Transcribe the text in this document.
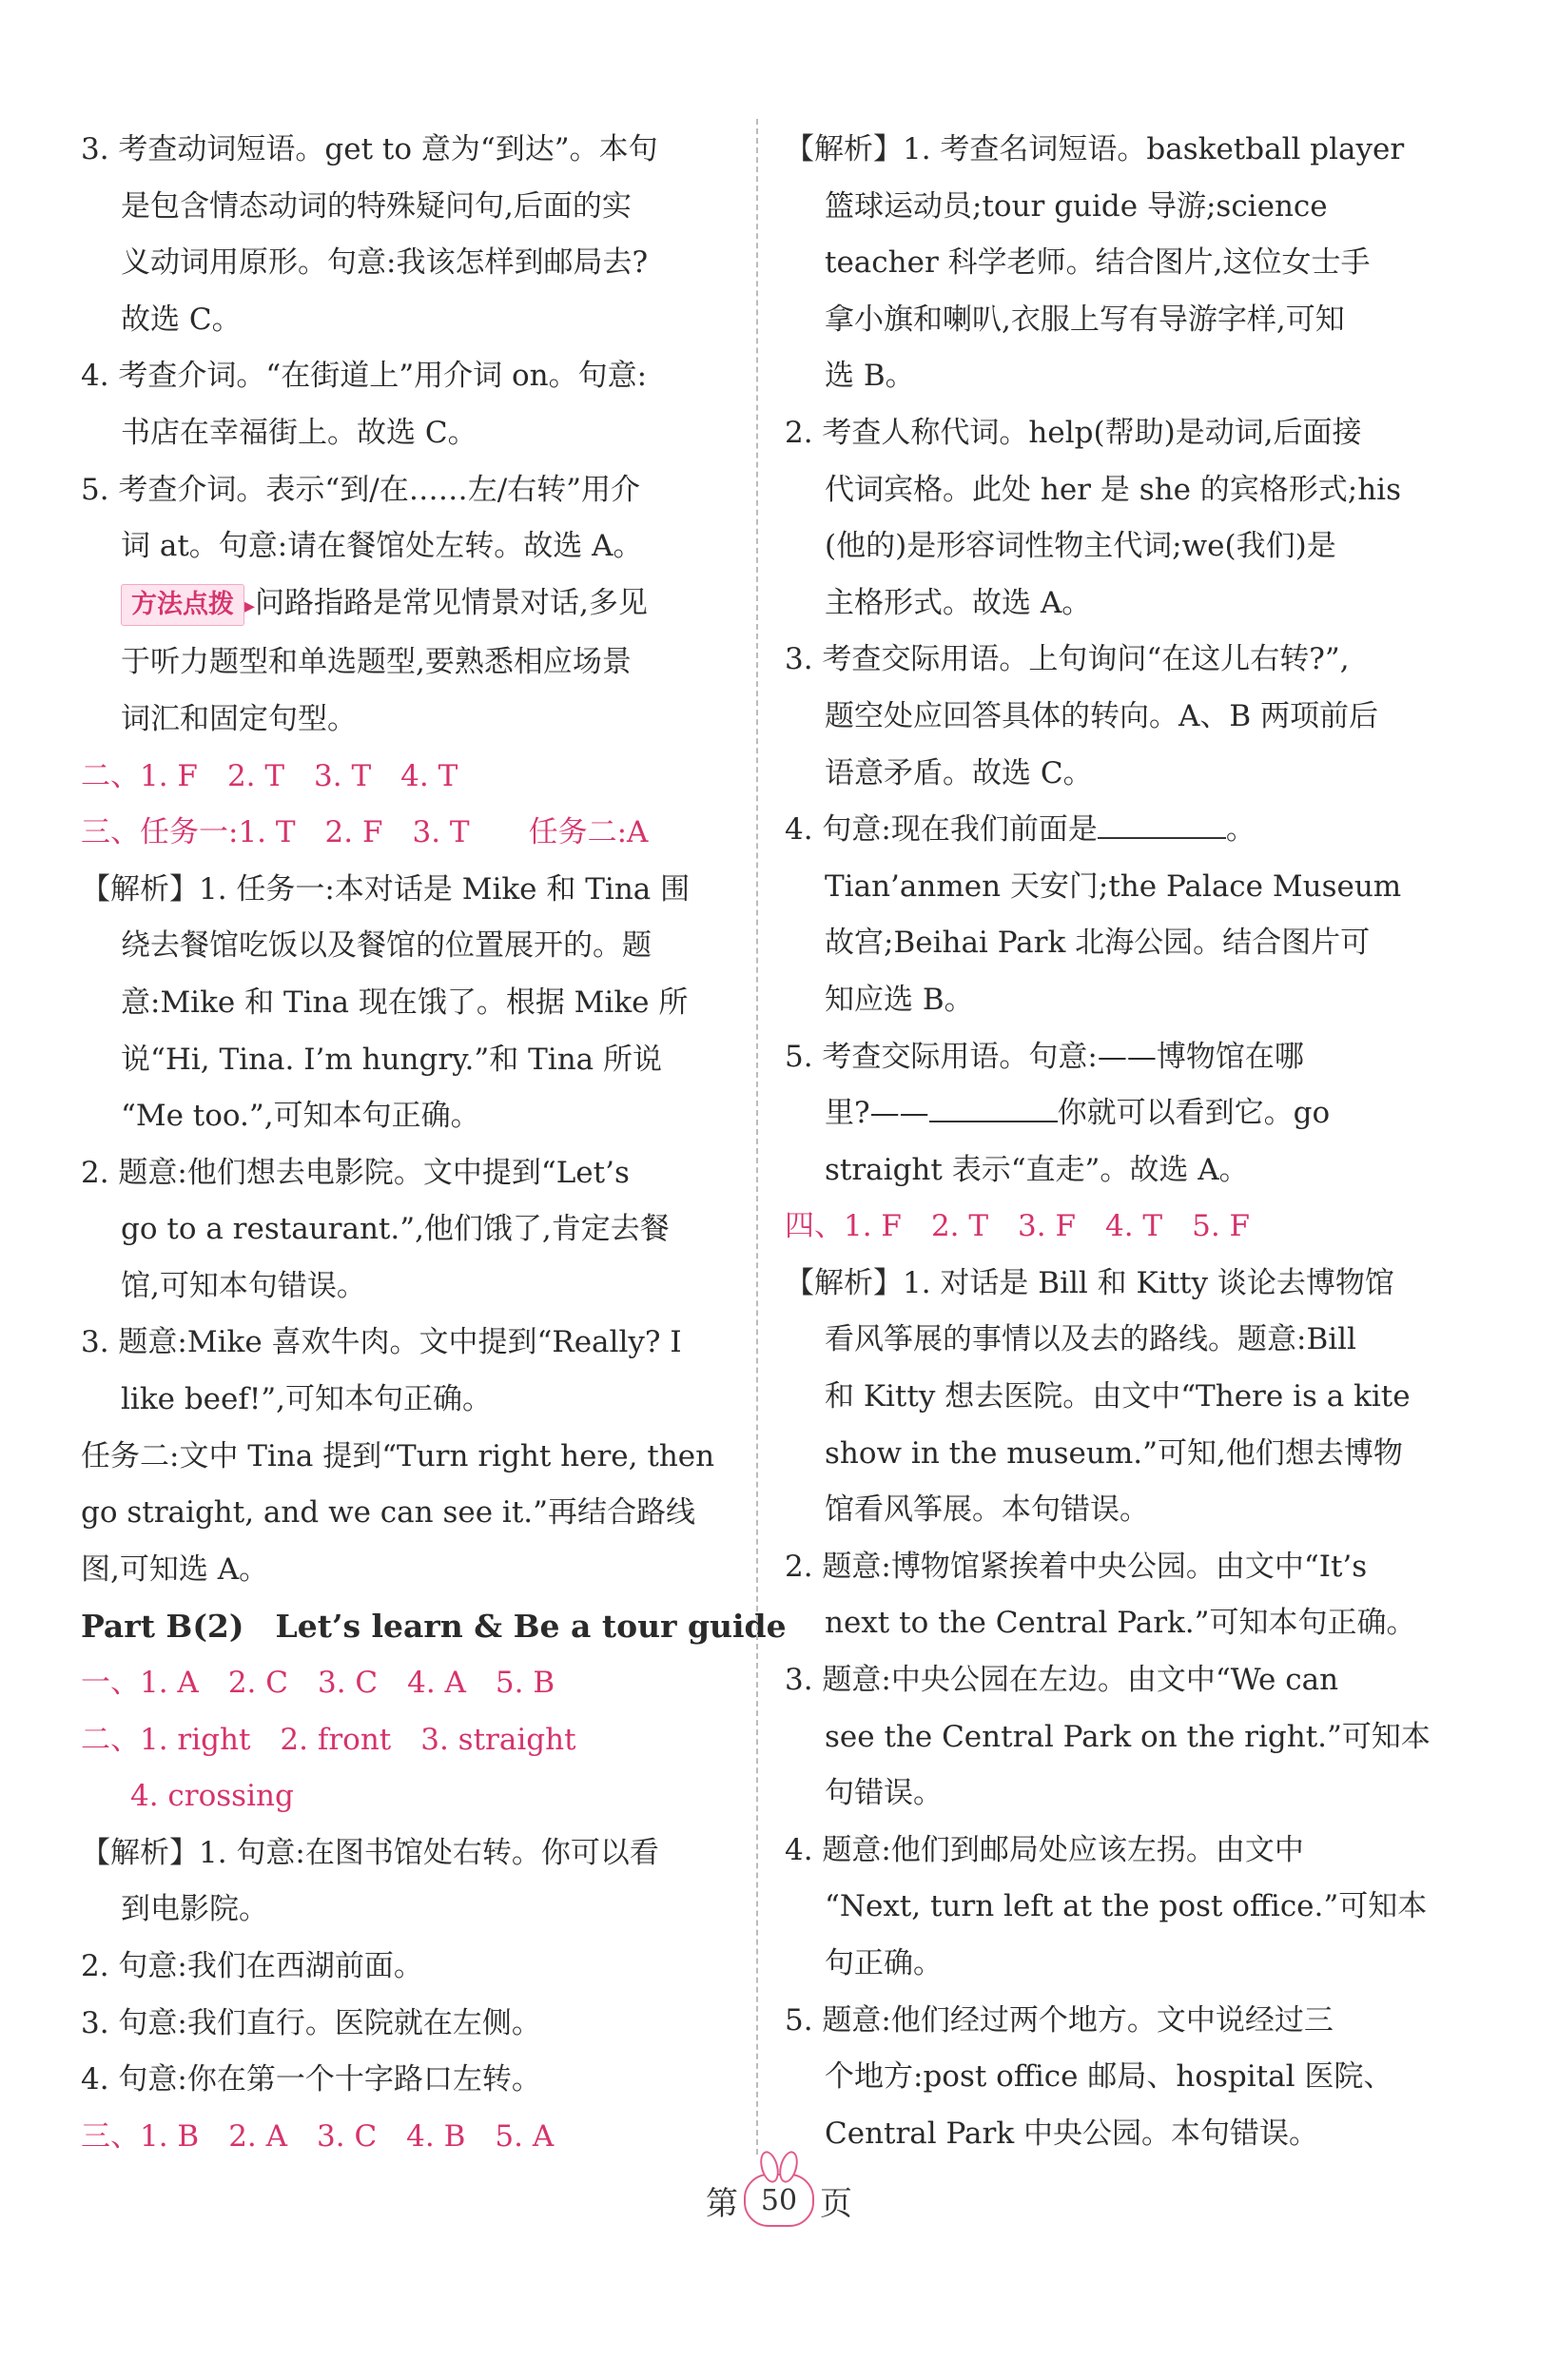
3. 考查动词短语。get to 意为“到达”。本句
是包含情态动词的特殊疑问句,后面的实
义动词用原形。句意:我该怎样到邮局去?
故选 C。
4. 考查介词。“在街道上”用介词 on。句意:
书店在幸福街上。故选 C。
5. 考查介词。表示“到/在……左/右转”用介
词 at。句意:请在餐馆处左转。故选 A。
方法点拨 ▸问路指路是常见情景对话,多见
于听力题型和单选题型,要熟悉相应场景
词汇和固定句型。
二、1. F　2. T　3. T　4. T
三、任务一:1. T　2. F　3. T　　任务二:A
【解析】1. 任务一:本对话是 Mike 和 Tina 围
绕去餐馆吃饭以及餐馆的位置展开的。题
意:Mike 和 Tina 现在饿了。根据 Mike 所
说“Hi, Tina. I’m hungry.”和 Tina 所说
“Me too.”,可知本句正确。
2. 题意:他们想去电影院。文中提到“Let’s
go to a restaurant.”,他们饿了,肯定去餐
馆,可知本句错误。
3. 题意:Mike 喜欢牛肉。文中提到“Really? I
like beef!”,可知本句正确。
任务二:文中 Tina 提到“Turn right here, then
go straight, and we can see it.”再结合路线
图,可知选 A。
Part B(2)　Let’s learn & Be a tour guide
一、1. A　2. C　3. C　4. A　5. B
二、1. right　2. front　3. straight
4. crossing
【解析】1. 句意:在图书馆处右转。你可以看
到电影院。
2. 句意:我们在西湖前面。
3. 句意:我们直行。医院就在左侧。
4. 句意:你在第一个十字路口左转。
三、1. B　2. A　3. C　4. B　5. A
【解析】1. 考查名词短语。basketball player
篮球运动员;tour guide 导游;science
teacher 科学老师。结合图片,这位女士手
拿小旗和喇叭,衣服上写有导游字样,可知
选 B。
2. 考查人称代词。help(帮助)是动词,后面接
代词宾格。此处 her 是 she 的宾格形式;his
(他的)是形容词性物主代词;we(我们)是
主格形式。故选 A。
3. 考查交际用语。上句询问“在这儿右转?”,
题空处应回答具体的转向。A、B 两项前后
语意矛盾。故选 C。
4. 句意:现在我们前面是	。
Tian’anmen 天安门;the Palace Museum
故宫;Beihai Park 北海公园。结合图片可
知应选 B。
5. 考查交际用语。句意:——博物馆在哪
里?——	你就可以看到它。go
straight 表示“直走”。故选 A。
四、1. F　2. T　3. F　4. T　5. F
【解析】1. 对话是 Bill 和 Kitty 谈论去博物馆
看风筝展的事情以及去的路线。题意:Bill
和 Kitty 想去医院。由文中“There is a kite
show in the museum.”可知,他们想去博物
馆看风筝展。本句错误。
2. 题意:博物馆紧挨着中央公园。由文中“It’s
next to the Central Park.”可知本句正确。
3. 题意:中央公园在左边。由文中“We can
see the Central Park on the right.”可知本
句错误。
4. 题意:他们到邮局处应该左拐。由文中
“Next, turn left at the post office.”可知本
句正确。
5. 题意:他们经过两个地方。文中说经过三
个地方:post office 邮局、hospital 医院、
Central Park 中央公园。本句错误。
第 50 页
